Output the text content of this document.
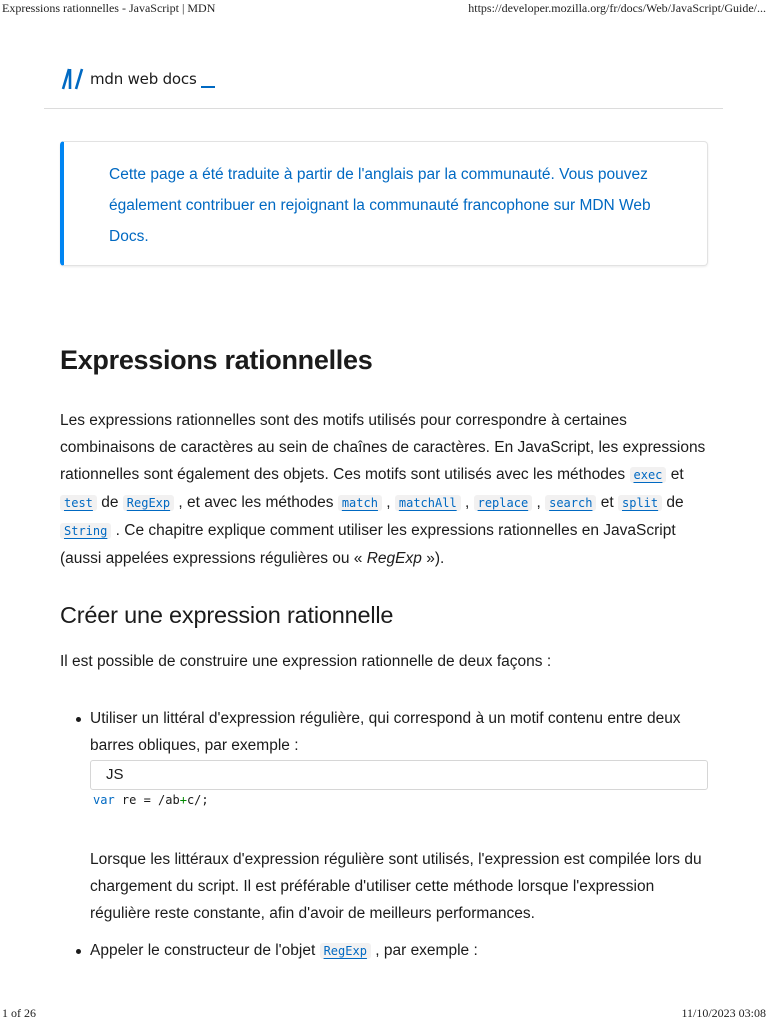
Expressions rationnelles - JavaScript | MDN	https://developer.mozilla.org/fr/docs/Web/JavaScript/Guide/...
mdn web docs
Cette page a été traduite à partir de l'anglais par la communauté. Vous pouvez également contribuer en rejoignant la communauté francophone sur MDN Web Docs.
Expressions rationnelles

Les expressions rationnelles sont des motifs utilisés pour correspondre à certaines combinaisons de caractères au sein de chaînes de caractères. En JavaScript, les expressions rationnelles sont également des objets. Ces motifs sont utilisés avec les méthodes exec et test de RegExp , et avec les méthodes match , matchAll , replace , search et split de String . Ce chapitre explique comment utiliser les expressions rationnelles en JavaScript (aussi appelées expressions régulières ou « RegExp »).

Créer une expression rationnelle

Il est possible de construire une expression rationnelle de deux façons :

Utiliser un littéral d'expression régulière, qui correspond à un motif contenu entre deux barres obliques, par exemple :
JS
var re = /ab+c/;

Lorsque les littéraux d'expression régulière sont utilisés, l'expression est compilée lors du chargement du script. Il est préférable d'utiliser cette méthode lorsque l'expression régulière reste constante, afin d'avoir de meilleurs performances.

Appeler le constructeur de l'objet RegExp , par exemple :
1 of 26	11/10/2023 03:08
